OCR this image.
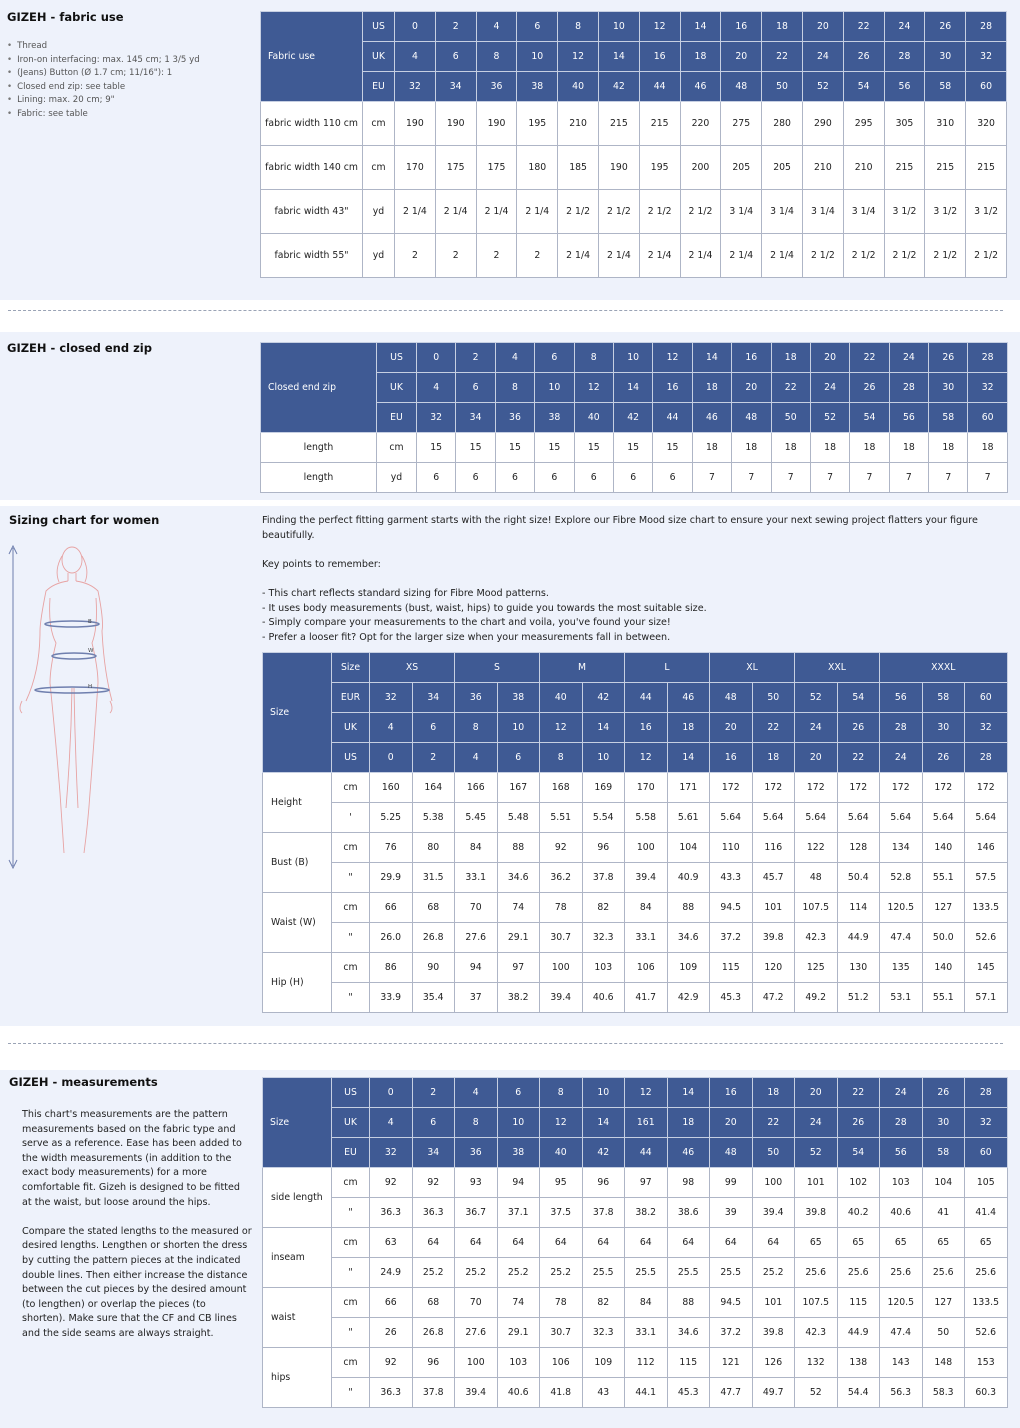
GIZEH - fabric use
• Thread
• Iron-on interfacing: max. 145 cm; 1 3/5 yd
• (Jeans) Button (Ø 1.7 cm; 11/16"): 1
• Closed end zip: see table
• Lining: max. 20 cm; 9"
• Fabric: see table
Fabric use	US	0	2	4	6	8	10	12	14	16	18	20	22	24	26	28
	UK	4	6	8	10	12	14	16	18	20	22	24	26	28	30	32
	EU	32	34	36	38	40	42	44	46	48	50	52	54	56	58	60
fabric width 110 cm	cm	190	190	190	195	210	215	215	220	275	280	290	295	305	310	320
fabric width 140 cm	cm	170	175	175	180	185	190	195	200	205	205	210	210	215	215	215
fabric width 43"	yd	2 1/4	2 1/4	2 1/4	2 1/4	2 1/2	2 1/2	2 1/2	2 1/2	3 1/4	3 1/4	3 1/4	3 1/4	3 1/2	3 1/2	3 1/2
fabric width 55"	yd	2	2	2	2	2 1/4	2 1/4	2 1/4	2 1/4	2 1/4	2 1/4	2 1/2	2 1/2	2 1/2	2 1/2	2 1/2
GIZEH - closed end zip
Closed end zip	US	0	2	4	6	8	10	12	14	16	18	20	22	24	26	28
	UK	4	6	8	10	12	14	16	18	20	22	24	26	28	30	32
	EU	32	34	36	38	40	42	44	46	48	50	52	54	56	58	60
length	cm	15	15	15	15	15	15	15	18	18	18	18	18	18	18	18
length	yd	6	6	6	6	6	6	6	7	7	7	7	7	7	7	7
Sizing chart for women
B
W
H

Finding the perfect fitting garment starts with the right size! Explore our Fibre Mood size chart to ensure your next sewing project flatters your figure beautifully.

Key points to remember:

- This chart reflects standard sizing for Fibre Mood patterns.

- It uses body measurements (bust, waist, hips) to guide you towards the most suitable size.

- Simply compare your measurements to the chart and voila, you've found your size!

- Prefer a looser fit? Opt for the larger size when your measurements fall in between.

Size	Size	XS		S		M		L		XL		XXL		XXXL		
	EUR	32	34	36	38	40	42	44	46	48	50	52	54	56	58	60
	UK	4	6	8	10	12	14	16	18	20	22	24	26	28	30	32
	US	0	2	4	6	8	10	12	14	16	18	20	22	24	26	28
Height	cm	160	164	166	167	168	169	170	171	172	172	172	172	172	172	172
	'	5.25	5.38	5.45	5.48	5.51	5.54	5.58	5.61	5.64	5.64	5.64	5.64	5.64	5.64	5.64
Bust (B)	cm	76	80	84	88	92	96	100	104	110	116	122	128	134	140	146
	"	29.9	31.5	33.1	34.6	36.2	37.8	39.4	40.9	43.3	45.7	48	50.4	52.8	55.1	57.5
Waist (W)	cm	66	68	70	74	78	82	84	88	94.5	101	107.5	114	120.5	127	133.5
	"	26.0	26.8	27.6	29.1	30.7	32.3	33.1	34.6	37.2	39.8	42.3	44.9	47.4	50.0	52.6
Hip (H)	cm	86	90	94	97	100	103	106	109	115	120	125	130	135	140	145
	"	33.9	35.4	37	38.2	39.4	40.6	41.7	42.9	45.3	47.2	49.2	51.2	53.1	55.1	57.1
GIZEH - measurements

This chart's measurements are the pattern measurements based on the fabric type and serve as a reference. Ease has been added to the width measurements (in addition to the exact body measurements) for a more comfortable fit. Gizeh is designed to be fitted at the waist, but loose around the hips.

Compare the stated lengths to the measured or desired lengths. Lengthen or shorten the dress by cutting the pattern pieces at the indicated double lines. Then either increase the distance between the cut pieces by the desired amount (to lengthen) or overlap the pieces (to shorten). Make sure that the CF and CB lines and the side seams are always straight.

Size	US	0	2	4	6	8	10	12	14	16	18	20	22	24	26	28
	UK	4	6	8	10	12	14	161	18	20	22	24	26	28	30	32
	EU	32	34	36	38	40	42	44	46	48	50	52	54	56	58	60
side length	cm	92	92	93	94	95	96	97	98	99	100	101	102	103	104	105
	"	36.3	36.3	36.7	37.1	37.5	37.8	38.2	38.6	39	39.4	39.8	40.2	40.6	41	41.4
inseam	cm	63	64	64	64	64	64	64	64	64	64	65	65	65	65	65
	"	24.9	25.2	25.2	25.2	25.2	25.5	25.5	25.5	25.5	25.2	25.6	25.6	25.6	25.6	25.6
waist	cm	66	68	70	74	78	82	84	88	94.5	101	107.5	115	120.5	127	133.5
	"	26	26.8	27.6	29.1	30.7	32.3	33.1	34.6	37.2	39.8	42.3	44.9	47.4	50	52.6
hips	cm	92	96	100	103	106	109	112	115	121	126	132	138	143	148	153
	"	36.3	37.8	39.4	40.6	41.8	43	44.1	45.3	47.7	49.7	52	54.4	56.3	58.3	60.3
